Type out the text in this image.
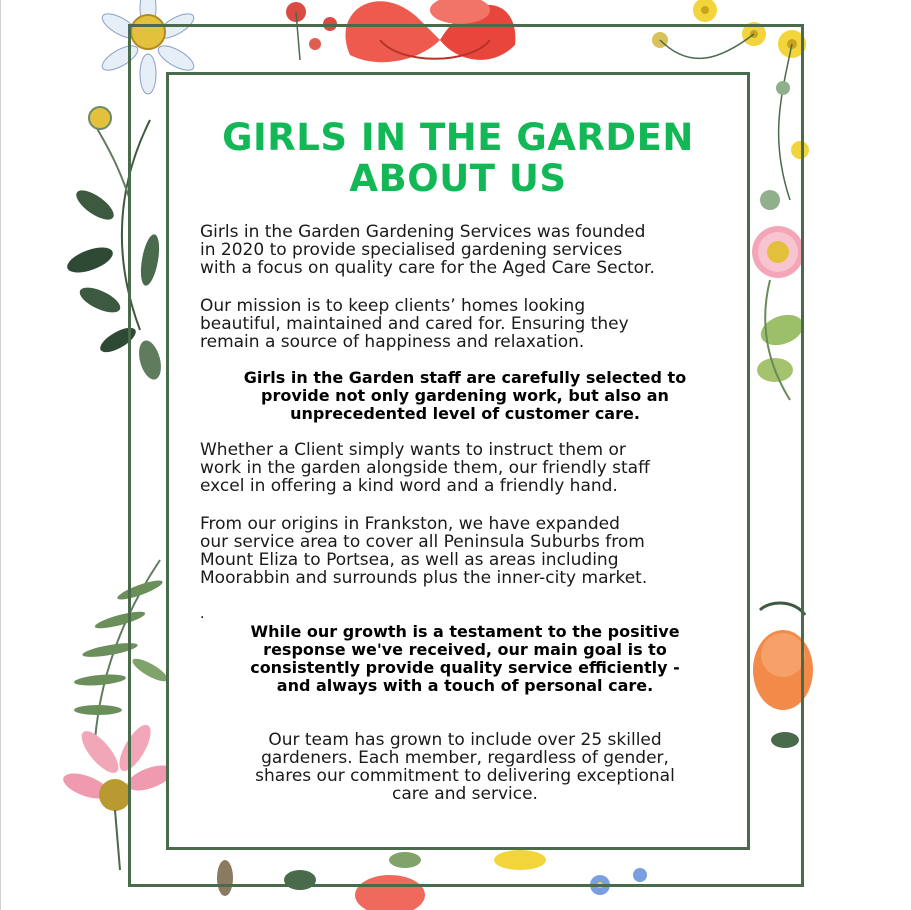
GIRLS IN THE GARDEN
ABOUT US

Girls in the Garden Gardening Services was founded
in 2020 to provide specialised gardening services
with a focus on quality care for the Aged Care Sector.

Our mission is to keep clients’ homes looking
beautiful, maintained and cared for. Ensuring they
remain a source of happiness and relaxation.

Girls in the Garden staff are carefully selected to
provide not only gardening work, but also an
unprecedented level of customer care.

Whether a Client simply wants to instruct them or
work in the garden alongside them, our friendly staff
excel in offering a kind word and a friendly hand.

From our origins in Frankston, we have expanded
our service area to cover all Peninsula Suburbs from
Mount Eliza to Portsea, as well as areas including
Moorabbin and surrounds plus the inner-city market.

.

While our growth is a testament to the positive
response we've received, our main goal is to
consistently provide quality service efficiently -
and always with a touch of personal care.

Our team has grown to include over 25 skilled
gardeners. Each member, regardless of gender,
shares our commitment to delivering exceptional
care and service.
